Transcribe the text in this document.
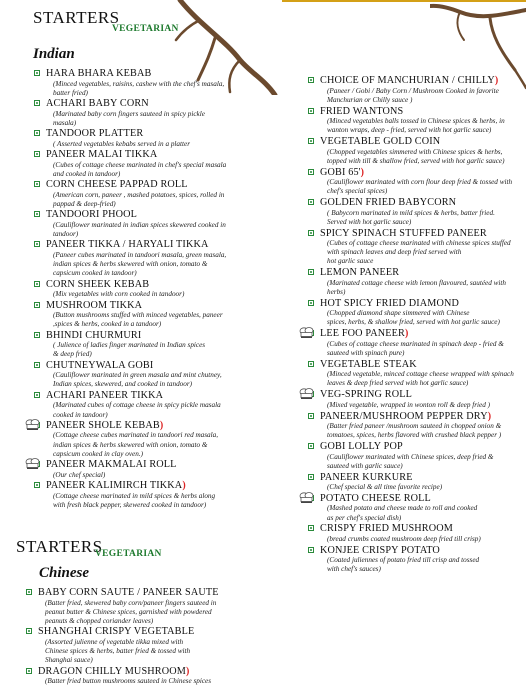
STARTERS
VEGETARIAN
Indian
STARTERS
VEGETARIAN
Chinese
HARA BHARA KEBAB
(Minced vegetables, raisins, cashew with the chef's masala,
batter fried)
ACHARI BABY CORN
(Marinated baby corn fingers sauteed in spicy pickle
masala)
TANDOOR PLATTER
( Asserted vegetables kebabs served in a platter
PANEER MALAI TIKKA
(Cubes of cottage cheese marinated in chef's special masala
and cooked in tandoor)
CORN CHEESE PAPPAD ROLL
(American corn, paneer , mashed potatoes, spices, rolled in
pappad & deep-fried)
TANDOORI PHOOL
(Cauliflower marinated in indian spices skewered cooked in
tandoor)
PANEER TIKKA / HARYALI TIKKA
(Paneer cubes marinated in tandoori masala, green masala,
indian spices & herbs skewered with onion, tomato &
capsicum cooked in tandoor)
CORN SHEEK KEBAB
(Mix vegetables with corn cooked in tandoor)
MUSHROOM TIKKA
(Button mushrooms stuffed with minced vegetables, paneer
,spices & herbs, cooked in a tandoor)
BHINDI CHURMURI
( Julience of ladies finger marinated in Indian spices
& deep fried)
CHUTNEYWALA GOBI
(Cauliflower marinated in green masala and mint chutney,
Indian spices, skewered, and cooked in tandoor)
ACHARI PANEER TIKKA
(Marinated cubes of cottage cheese in spicy pickle masala
cooked in tandoor)
PANEER SHOLE KEBAB)
(Cottage cheese cubes marinated in tandoori red masala,
indian spices & herbs skewered with onion, tomato &
capsicum cooked in clay oven.)
PANEER MAKMALAI ROLL
(Our chef special)
PANEER KALIMIRCH TIKKA)
(Cottage cheese marinated in mild spices & herbs along
with fresh black pepper, skewered cooked in tandoor)
BABY CORN SAUTE / PANEER SAUTE
(Batter fried, skewered baby corn/paneer fingers sauteed in
peanut butter & Chinese spices, garnished with powdered
peanuts & chopped coriander leaves)
SHANGHAI CRISPY VEGETABLE
(Assorted julienne of vegetable tikka mixed with
Chinese spices & herbs, batter fried & tossed with
Shanghai sauce)
DRAGON CHILLY MUSHROOM)
(Batter fried button mushrooms sauteed in Chinese spices
CHOICE OF MANCHURIAN / CHILLY)
(Paneer / Gobi / Baby Corn / Mushroom Cooked in favorite
Manchurian or Chilly sauce )
FRIED WANTONS
(Minced vegetables balls tossed in Chinese spices & herbs, in
wanton wraps, deep - fried, served with hot garlic sauce)
VEGETABLE GOLD COIN
(Chopped vegetables simmered with Chinese spices & herbs,
topped with till & shallow fried, served with hot garlic sauce)
GOBI 65')
(Cauliflower marinated with corn flour deep fried & tossed with
chef's special spices)
GOLDEN FRIED BABYCORN
( Babycorn marinated in mild spices & herbs, batter fried.
Served with hot garlic sauce)
SPICY SPINACH STUFFED PANEER
(Cubes of cottage cheese marinated with chinesse spices stuffed
with spinach leaves and deep fried served with
hot garlic sauce
LEMON PANEER
(Marinated cottage cheese with lemon flavoured, sautéed with
herbs)
HOT SPICY FRIED DIAMOND
(Chopped diamond shape simmered with Chinese
spices, herbs, & shallow fried, served with hot garlic sauce)
LEE FOO PANEER)
(Cubes of cottage cheese marinated in spinach deep - fried &
sauteed with spinach pure)
VEGETABLE STEAK
(Minced vegetable, minced cottage cheese wrapped with spinach
leaves & deep fried served with hot garlic sauce)
VEG-SPRING ROLL
(Mixed vegetable, wrapped in wonton roll & deep fried )
PANEER/MUSHROOM PEPPER DRY)
(Batter fried paneer /mushroom sauteed in chopped onion &
tomatoes, spices, herbs flavored with crushed black pepper )
GOBI LOLLY POP
(Cauliflower marinated with Chinese spices, deep fried &
sauteed with garlic sauce)
PANEER KURKURE
(Chef special & all time favorite recipe)
POTATO CHEESE ROLL
(Mashed potato and cheese made to roll and cooked
as per chef's special dish)
CRISPY FRIED MUSHROOM
(bread crumbs coated mushroom deep fried till crisp)
KONJEE CRISPY POTATO
(Coated juliennes of potato fried till crisp and tossed
with chef's sauces)
